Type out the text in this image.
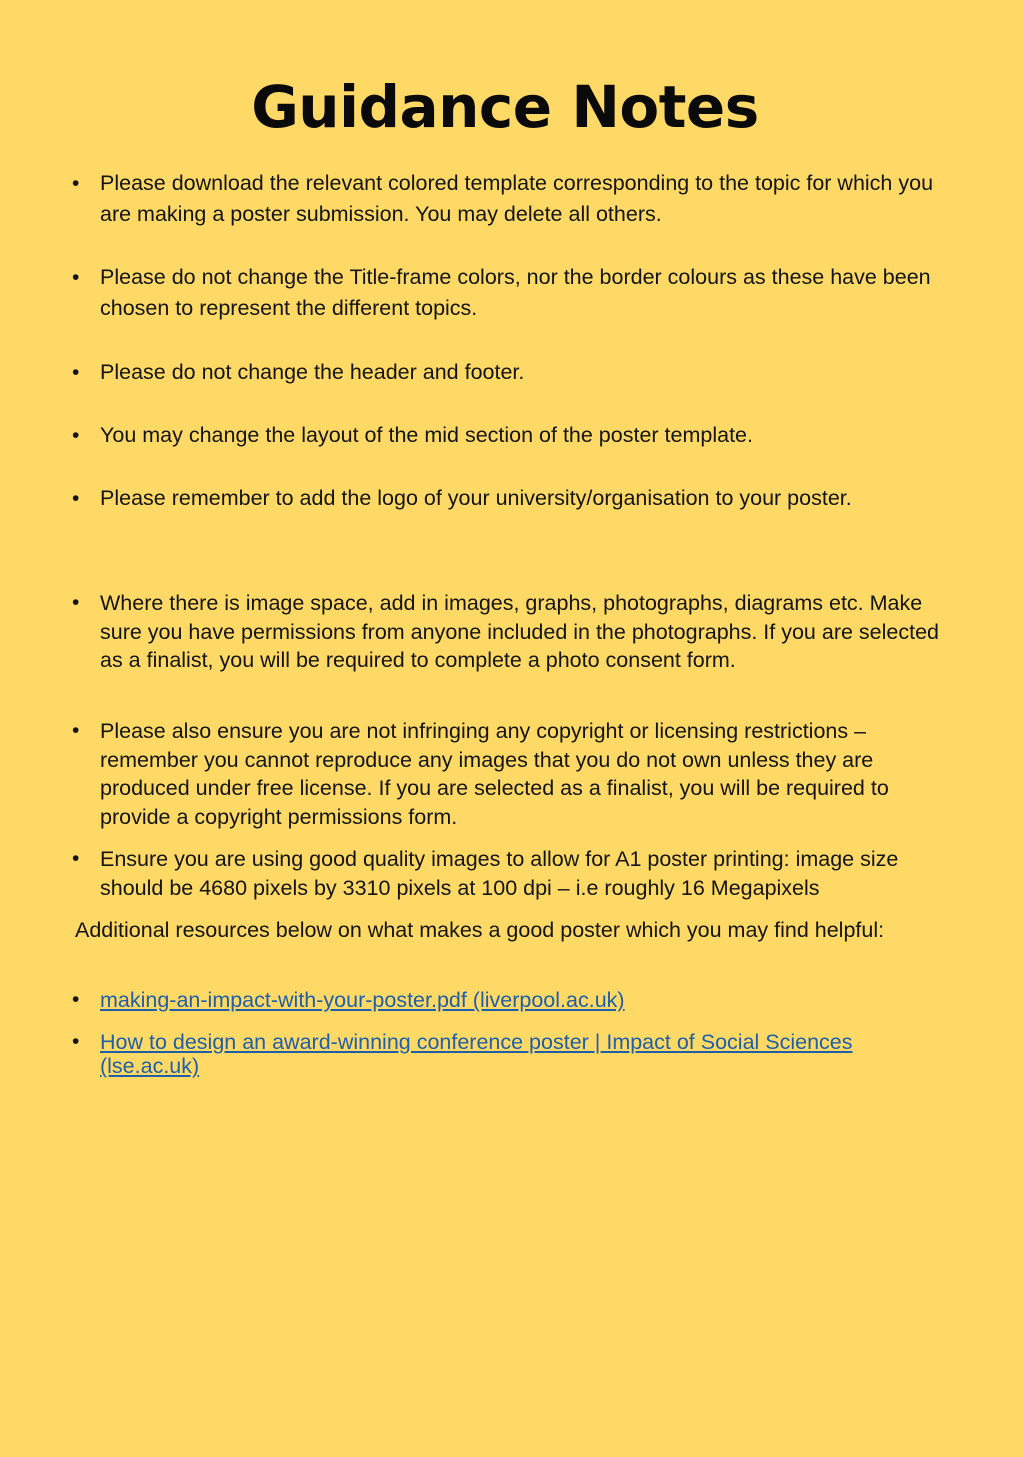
Guidance Notes
• Please download the relevant colored template corresponding to the topic for which you are making a poster submission. You may delete all others.
• Please do not change the Title-frame colors, nor the border colours as these have been chosen to represent the different topics.
• Please do not change the header and footer.
• You may change the layout of the mid section of the poster template.
• Please remember to add the logo of your university/organisation to your poster.
• Where there is image space, add in images, graphs, photographs, diagrams etc. Make sure you have permissions from anyone included in the photographs. If you are selected as a finalist, you will be required to complete a photo consent form.
• Please also ensure you are not infringing any copyright or licensing restrictions – remember you cannot reproduce any images that you do not own unless they are produced under free license. If you are selected as a finalist, you will be required to provide a copyright permissions form.
• Ensure you are using good quality images to allow for A1 poster printing: image size should be 4680 pixels by 3310 pixels at 100 dpi – i.e roughly 16 Megapixels
Additional resources below on what makes a good poster which you may find helpful:
• making-an-impact-with-your-poster.pdf (liverpool.ac.uk)
• How to design an award-winning conference poster | Impact of Social Sciences (lse.ac.uk)
